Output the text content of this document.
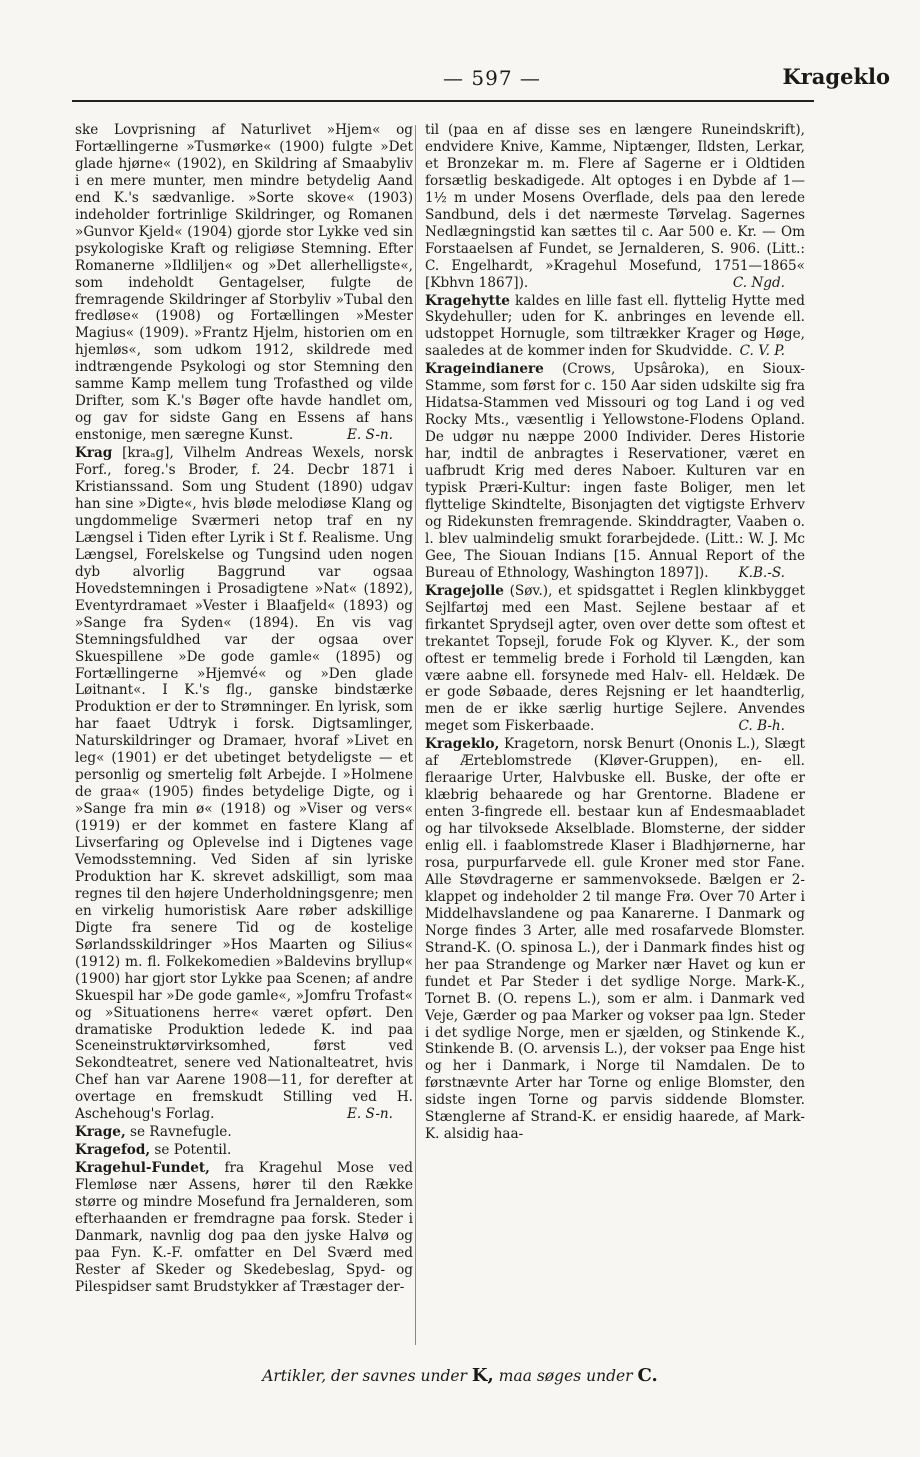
— 597 —	Krageklo

ske Lovprisning af Naturlivet »Hjem« og Fortællingerne »Tusmørke« (1900) fulgte »Det glade hjørne« (1902), en Skildring af Smaabyliv i en mere munter, men mindre betydelig Aand end K.'s sædvanlige. »Sorte skove« (1903) indeholder fortrinlige Skildringer, og Romanen »Gunvor Kjeld« (1904) gjorde stor Lykke ved sin psykologiske Kraft og religiøse Stemning. Efter Romanerne »Ildliljen« og »Det allerhelligste«, som indeholdt Gentagelser, fulgte de fremragende Skildringer af Storbyliv »Tubal den fredløse« (1908) og Fortællingen »Mester Magius« (1909). »Frantz Hjelm, historien om en hjemløs«, som udkom 1912, skildrede med indtrængende Psykologi og stor Stemning den samme Kamp mellem tung Trofasthed og vilde Drifter, som K.'s Bøger ofte havde handlet om, og gav for sidste Gang en Essens af hans enstonige, men særegne Kunst.	E. S-n.

Krag [kraₐg], Vilhelm Andreas Wexels, norsk Forf., foreg.'s Broder, f. 24. Decbr 1871 i Kristianssand. Som ung Student (1890) udgav han sine »Digte«, hvis bløde melodiøse Klang og ungdommelige Sværmeri netop traf en ny Længsel i Tiden efter Lyrik i St f. Realisme. Ung Længsel, Forelskelse og Tungsind uden nogen dyb alvorlig Baggrund var ogsaa Hovedstemningen i Prosadigtene »Nat« (1892), Eventyrdramaet »Vester i Blaafjeld« (1893) og »Sange fra Syden« (1894). En vis vag Stemningsfuldhed var der ogsaa over Skuespillene »De gode gamle« (1895) og Fortællingerne »Hjemvé« og »Den glade Løitnant«. I K.'s flg., ganske bindstærke Produktion er der to Strømninger. En lyrisk, som har faaet Udtryk i forsk. Digtsamlinger, Naturskildringer og Dramaer, hvoraf »Livet en leg« (1901) er det ubetinget betydeligste — et personlig og smertelig følt Arbejde. I »Holmene de graa« (1905) findes betydelige Digte, og i »Sange fra min ø« (1918) og »Viser og vers« (1919) er der kommet en fastere Klang af Livserfaring og Oplevelse ind i Digtenes vage Vemodsstemning. Ved Siden af sin lyriske Produktion har K. skrevet adskilligt, som maa regnes til den højere Underholdningsgenre; men en virkelig humoristisk Aare røber adskillige Digte fra senere Tid og de kostelige Sørlandsskildringer »Hos Maarten og Silius« (1912) m. fl. Folkekomedien »Baldevins bryllup« (1900) har gjort stor Lykke paa Scenen; af andre Skuespil har »De gode gamle«, »Jomfru Trofast« og »Situationens herre« været opført. Den dramatiske Produktion ledede K. ind paa Sceneinstruktørvirksomhed, først ved Sekondteatret, senere ved Nationalteatret, hvis Chef han var Aarene 1908—11, for derefter at overtage en fremskudt Stilling ved H. Aschehoug's Forlag.	E. S-n.

Krage, se Ravnefugle.

Kragefod, se Potentil.

Kragehul-Fundet, fra Kragehul Mose ved Flemløse nær Assens, hører til den Række større og mindre Mosefund fra Jernalderen, som efterhaanden er fremdragne paa forsk. Steder i Danmark, navnlig dog paa den jyske Halvø og paa Fyn. K.-F. omfatter en Del Sværd med Rester af Skeder og Skedebeslag, Spyd- og Pilespidser samt Brudstykker af Træstager der-

til (paa en af disse ses en længere Runeindskrift), endvidere Knive, Kamme, Niptænger, Ildsten, Lerkar, et Bronzekar m. m. Flere af Sagerne er i Oldtiden forsætlig beskadigede. Alt optoges i en Dybde af 1—1½ m under Mosens Overflade, dels paa den lerede Sandbund, dels i det nærmeste Tørvelag. Sagernes Nedlægningstid kan sættes til c. Aar 500 e. Kr. — Om Forstaaelsen af Fundet, se Jernalderen, S. 906. (Litt.: C. Engelhardt, »Kragehul Mosefund, 1751—1865« [Kbhvn 1867]).	C. Ngd.

Kragehytte kaldes en lille fast ell. flyttelig Hytte med Skydehuller; uden for K. anbringes en levende ell. udstoppet Hornugle, som tiltrækker Krager og Høge, saaledes at de kommer inden for Skudvidde. C. V. P.

Krageindianere (Crows, Upsâroka), en Sioux-Stamme, som først for c. 150 Aar siden udskilte sig fra Hidatsa-Stammen ved Missouri og tog Land i og ved Rocky Mts., væsentlig i Yellowstone-Flodens Opland. De udgør nu næppe 2000 Individer. Deres Historie har, indtil de anbragtes i Reservationer, været en uafbrudt Krig med deres Naboer. Kulturen var en typisk Præri-Kultur: ingen faste Boliger, men let flyttelige Skindtelte, Bisonjagten det vigtigste Erhverv og Ridekunsten fremragende. Skinddragter, Vaaben o. l. blev ualmindelig smukt forarbejdede. (Litt.: W. J. Mc Gee, The Siouan Indians [15. Annual Report of the Bureau of Ethnology, Washington 1897]). K.B.-S.

Kragejolle (Søv.), et spidsgattet i Reglen klinkbygget Sejlfartøj med een Mast. Sejlene bestaar af et firkantet Sprydsejl agter, oven over dette som oftest et trekantet Topsejl, forude Fok og Klyver. K., der som oftest er temmelig brede i Forhold til Længden, kan være aabne ell. forsynede med Halv- ell. Heldæk. De er gode Søbaade, deres Rejsning er let haandterlig, men de er ikke særlig hurtige Sejlere. Anvendes meget som Fiskerbaade.	C. B-h.

Krageklo, Kragetorn, norsk Benurt (Ononis L.), Slægt af Ærteblomstrede (Kløver-Gruppen), en- ell. fleraarige Urter, Halvbuske ell. Buske, der ofte er klæbrig behaarede og har Grentorne. Bladene er enten 3-fingrede ell. bestaar kun af Endesmaabladet og har tilvoksede Akselblade. Blomsterne, der sidder enlig ell. i faablomstrede Klaser i Bladhjørnerne, har rosa, purpurfarvede ell. gule Kroner med stor Fane. Alle Støvdragerne er sammenvoksede. Bælgen er 2-klappet og indeholder 2 til mange Frø. Over 70 Arter i Middelhavslandene og paa Kanarerne. I Danmark og Norge findes 3 Arter, alle med rosafarvede Blomster. Strand-K. (O. spinosa L.), der i Danmark findes hist og her paa Strandenge og Marker nær Havet og kun er fundet et Par Steder i det sydlige Norge. Mark-K., Tornet B. (O. repens L.), som er alm. i Danmark ved Veje, Gærder og paa Marker og vokser paa lgn. Steder i det sydlige Norge, men er sjælden, og Stinkende K., Stinkende B. (O. arvensis L.), der vokser paa Enge hist og her i Danmark, i Norge til Namdalen. De to førstnævnte Arter har Torne og enlige Blomster, den sidste ingen Torne og parvis siddende Blomster. Stænglerne af Strand-K. er ensidig haarede, af Mark-K. alsidig haa-

Artikler, der savnes under K, maa søges under C.
